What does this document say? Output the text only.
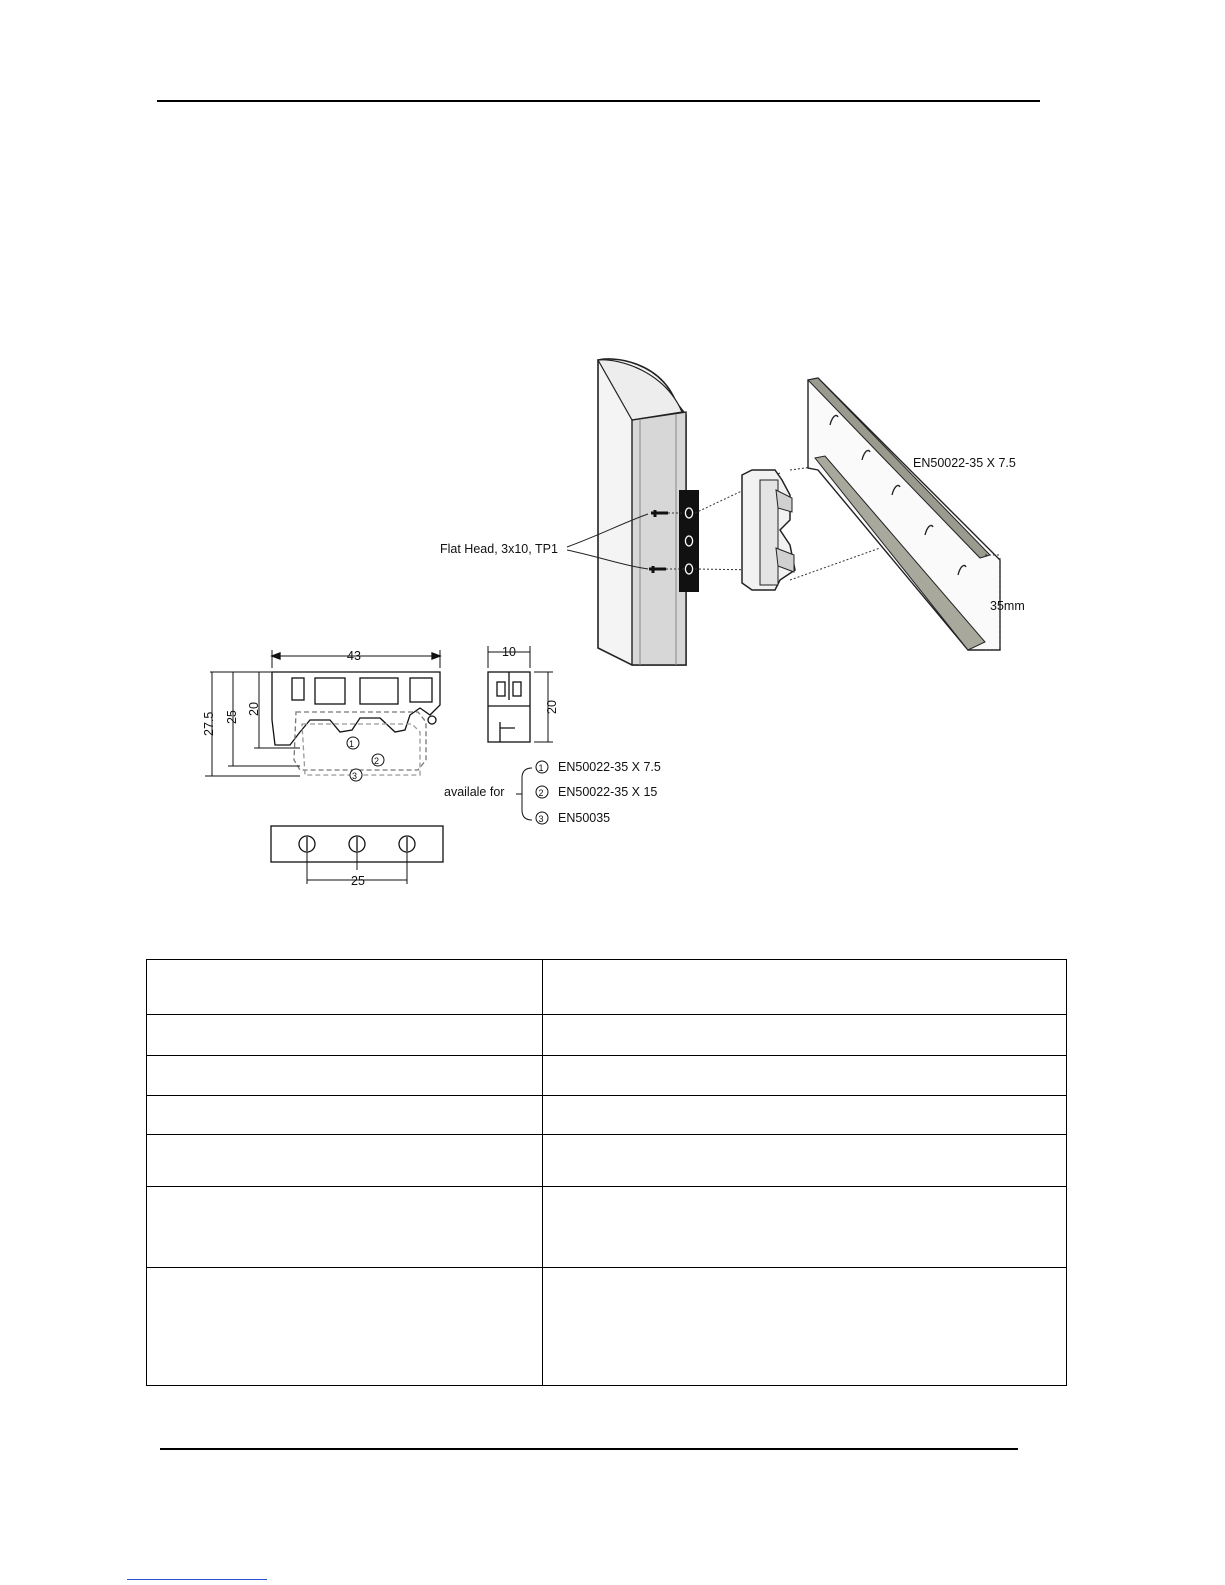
Flat Head, 3x10, TP1
EN50022-35 X 7.5
35mm
43
27.5 25
20
1
2
3
10
20
25
availale for
1
2
3
EN50022-35 X 7.5
EN50022-35 X 15
EN50035
